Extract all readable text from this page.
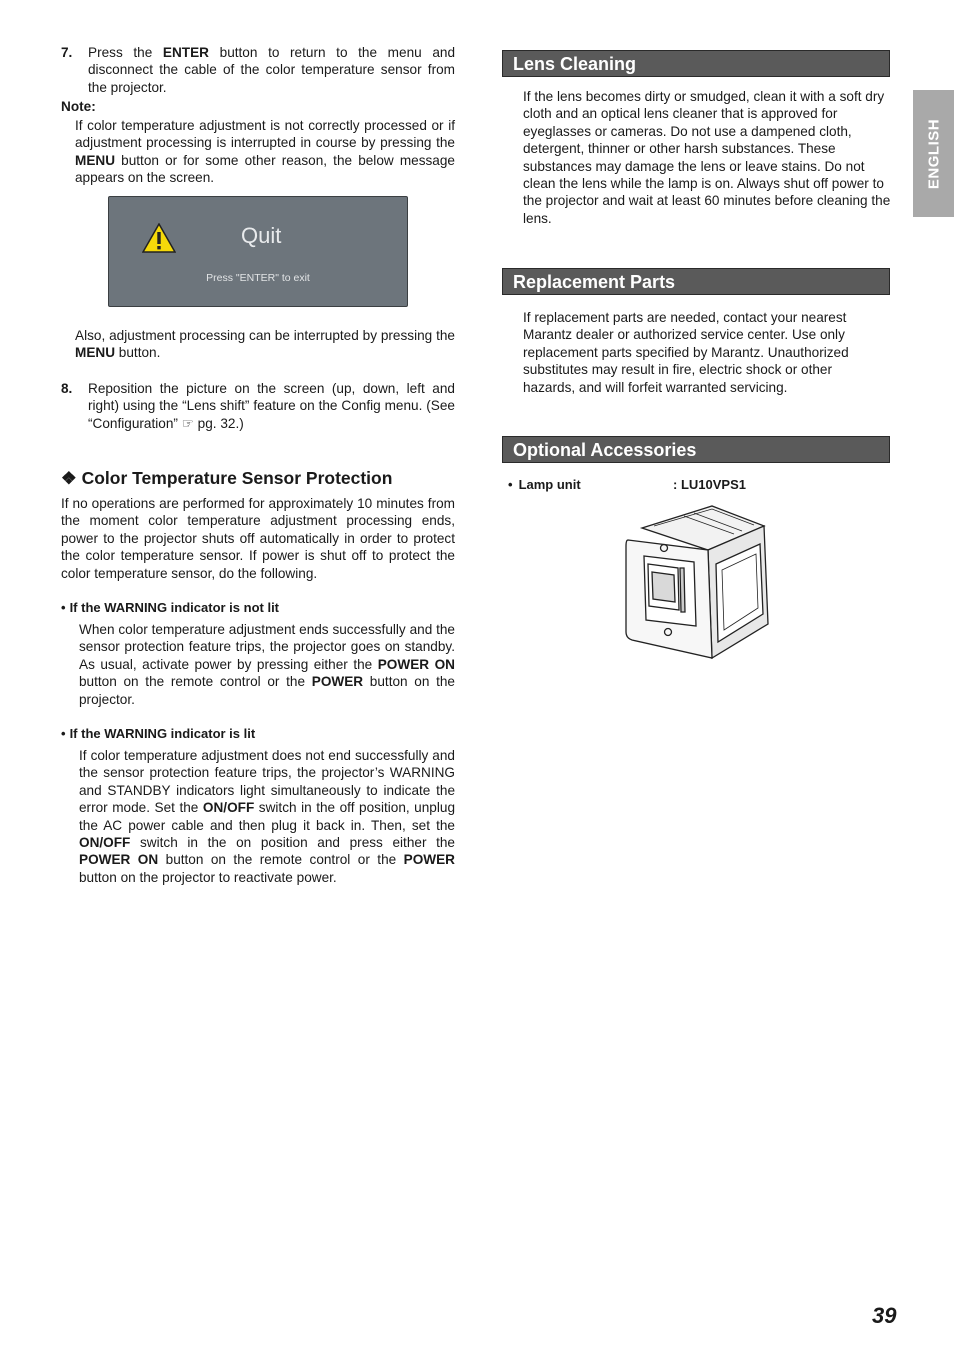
7. Press the ENTER button to return to the menu and disconnect the cable of the color temperature sensor from the projector.
Note:
If color temperature adjustment is not correctly processed or if adjustment processing is interrupted in course by pressing the MENU button or for some other reason, the below message appears on the screen.
Quit
Press "ENTER" to exit
Also, adjustment processing can be interrupted by pressing the MENU button.
8. Reposition the picture on the screen (up, down, left and right) using the “Lens shift” feature on the Config menu. (See “Configuration” ☞ pg. 32.)
❖ Color Temperature Sensor Protection
If no operations are performed for approximately 10 minutes from the moment color temperature adjustment processing ends, power to the projector shuts off automatically in order to protect the color temperature sensor. If power is shut off to protect the color temperature sensor, do the following.
• If the WARNING indicator is not lit
When color temperature adjustment ends successfully and the sensor protection feature trips, the projector goes on standby. As usual, activate power by pressing either the POWER ON button on the remote control or the POWER button on the projector.
• If the WARNING indicator is lit
If color temperature adjustment does not end successfully and the sensor protection feature trips, the projector’s WARNING and STANDBY indicators light simultaneously to indicate the error mode. Set the ON/OFF switch in the off position, unplug the AC power cable and then plug it back in. Then, set the ON/OFF switch in the on position and press either the POWER ON button on the remote control or the POWER button on the projector to reactivate power.
Lens Cleaning
If the lens becomes dirty or smudged, clean it with a soft dry cloth and an optical lens cleaner that is approved for eyeglasses or cameras. Do not use a dampened cloth, detergent, thinner or other harsh substances. These substances may damage the lens or leave stains. Do not clean the lens while the lamp is on. Always shut off power to the projector and wait at least 60 minutes before cleaning the lens.
Replacement Parts
If replacement parts are needed, contact your nearest Marantz dealer or authorized service center. Use only replacement parts specified by Marantz. Unauthorized substitutes may result in fire, electric shock or other hazards, and will forfeit warranted servicing.
Optional Accessories
• Lamp unit	: LU10VPS1
ENGLISH
39
